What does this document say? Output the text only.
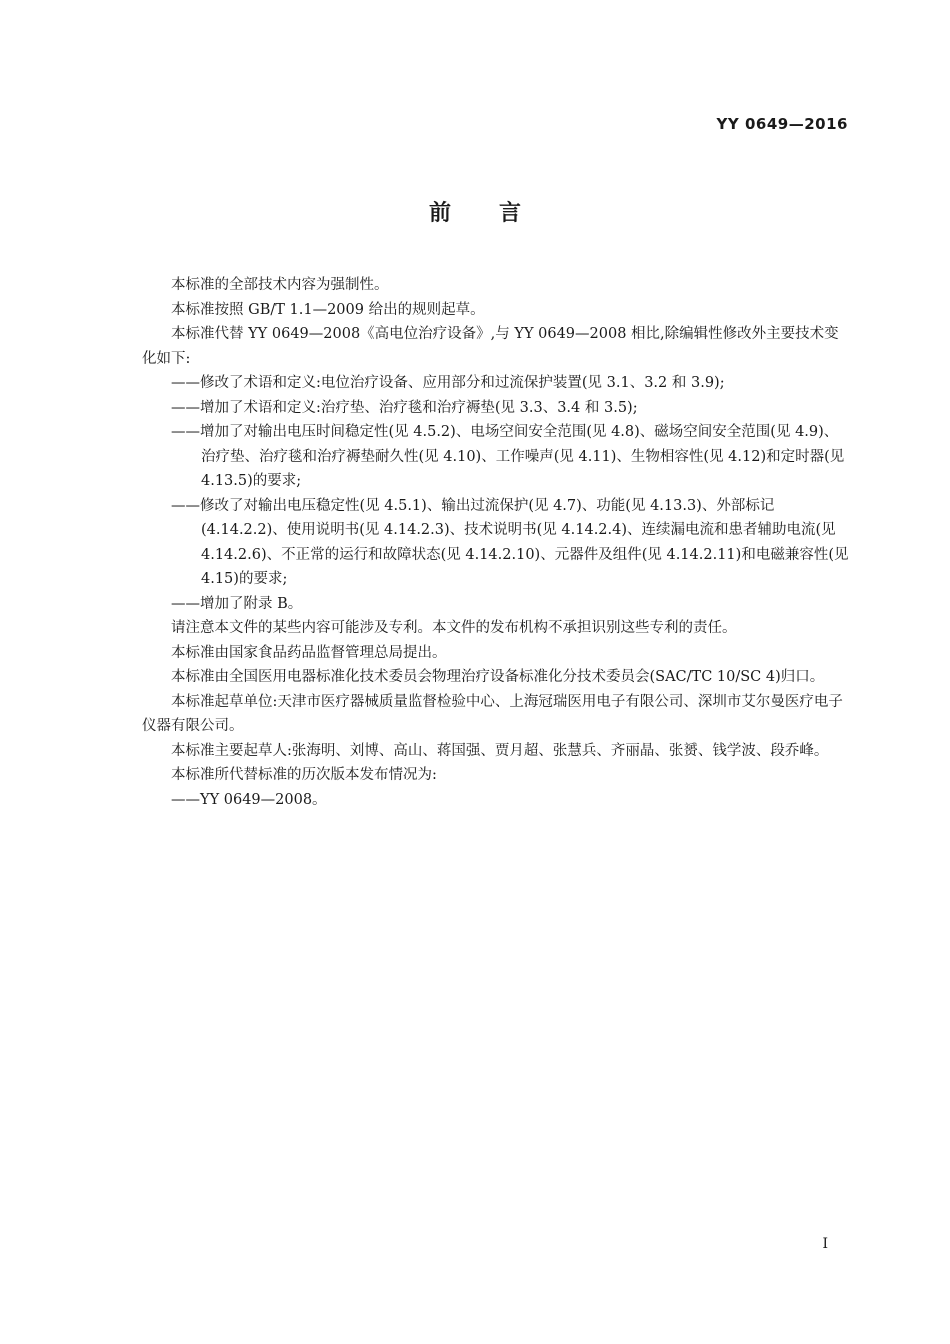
YY 0649—2016
前言

本标准的全部技术内容为强制性。

本标准按照 GB/T 1.1—2009 给出的规则起草。

本标准代替 YY 0649—2008《高电位治疗设备》,与 YY 0649—2008 相比,除编辑性修改外主要技术变化如下:

——修改了术语和定义:电位治疗设备、应用部分和过流保护装置(见 3.1、3.2 和 3.9);

——增加了术语和定义:治疗垫、治疗毯和治疗褥垫(见 3.3、3.4 和 3.5);

——增加了对输出电压时间稳定性(见 4.5.2)、电场空间安全范围(见 4.8)、磁场空间安全范围(见 4.9)、治疗垫、治疗毯和治疗褥垫耐久性(见 4.10)、工作噪声(见 4.11)、生物相容性(见 4.12)和定时器(见 4.13.5)的要求;

——修改了对输出电压稳定性(见 4.5.1)、输出过流保护(见 4.7)、功能(见 4.13.3)、外部标记(4.14.2.2)、使用说明书(见 4.14.2.3)、技术说明书(见 4.14.2.4)、连续漏电流和患者辅助电流(见 4.14.2.6)、不正常的运行和故障状态(见 4.14.2.10)、元器件及组件(见 4.14.2.11)和电磁兼容性(见 4.15)的要求;

——增加了附录 B。

请注意本文件的某些内容可能涉及专利。本文件的发布机构不承担识别这些专利的责任。

本标准由国家食品药品监督管理总局提出。

本标准由全国医用电器标准化技术委员会物理治疗设备标准化分技术委员会(SAC/TC 10/SC 4)归口。

本标准起草单位:天津市医疗器械质量监督检验中心、上海冠瑞医用电子有限公司、深圳市艾尔曼医疗电子仪器有限公司。

本标准主要起草人:张海明、刘博、高山、蒋国强、贾月超、张慧兵、齐丽晶、张赟、钱学波、段乔峰。

本标准所代替标准的历次版本发布情况为:

——YY 0649—2008。

I
